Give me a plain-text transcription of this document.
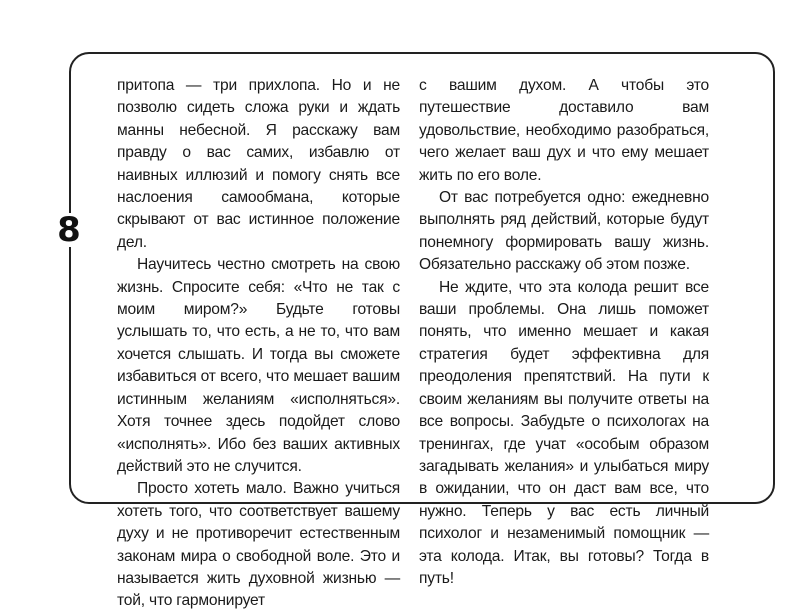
8

притопа — три прихлопа. Но и не позволю сидеть сложа руки и ждать манны небесной. Я расскажу вам правду о вас самих, избавлю от наивных иллюзий и помогу снять все наслоения самообмана, которые скрывают от вас истинное положение дел.

Научитесь честно смотреть на свою жизнь. Спросите себя: «Что не так с моим миром?» Будьте готовы услышать то, что есть, а не то, что вам хочется слышать. И тогда вы сможете избавиться от всего, что мешает вашим истинным желаниям «исполняться». Хотя точнее здесь подойдет слово «исполнять». Ибо без ваших активных действий это не случится.

Просто хотеть мало. Важно учиться хотеть того, что соответствует вашему духу и не противоречит естественным законам мира о свободной воле. Это и называется жить духовной жизнью — той, что гармонирует

с вашим духом. А чтобы это путешествие доставило вам удовольствие, необходимо разобраться, чего желает ваш дух и что ему мешает жить по его воле.

От вас потребуется одно: ежедневно выполнять ряд действий, которые будут понемногу формировать вашу жизнь. Обязательно расскажу об этом позже.

Не ждите, что эта колода решит все ваши проблемы. Она лишь поможет понять, что именно мешает и какая стратегия будет эффективна для преодоления препятствий. На пути к своим желаниям вы получите ответы на все вопросы. Забудьте о психологах на тренингах, где учат «особым образом загадывать желания» и улыбаться миру в ожидании, что он даст вам все, что нужно. Теперь у вас есть личный психолог и незаменимый помощник — эта колода. Итак, вы готовы? Тогда в путь!
